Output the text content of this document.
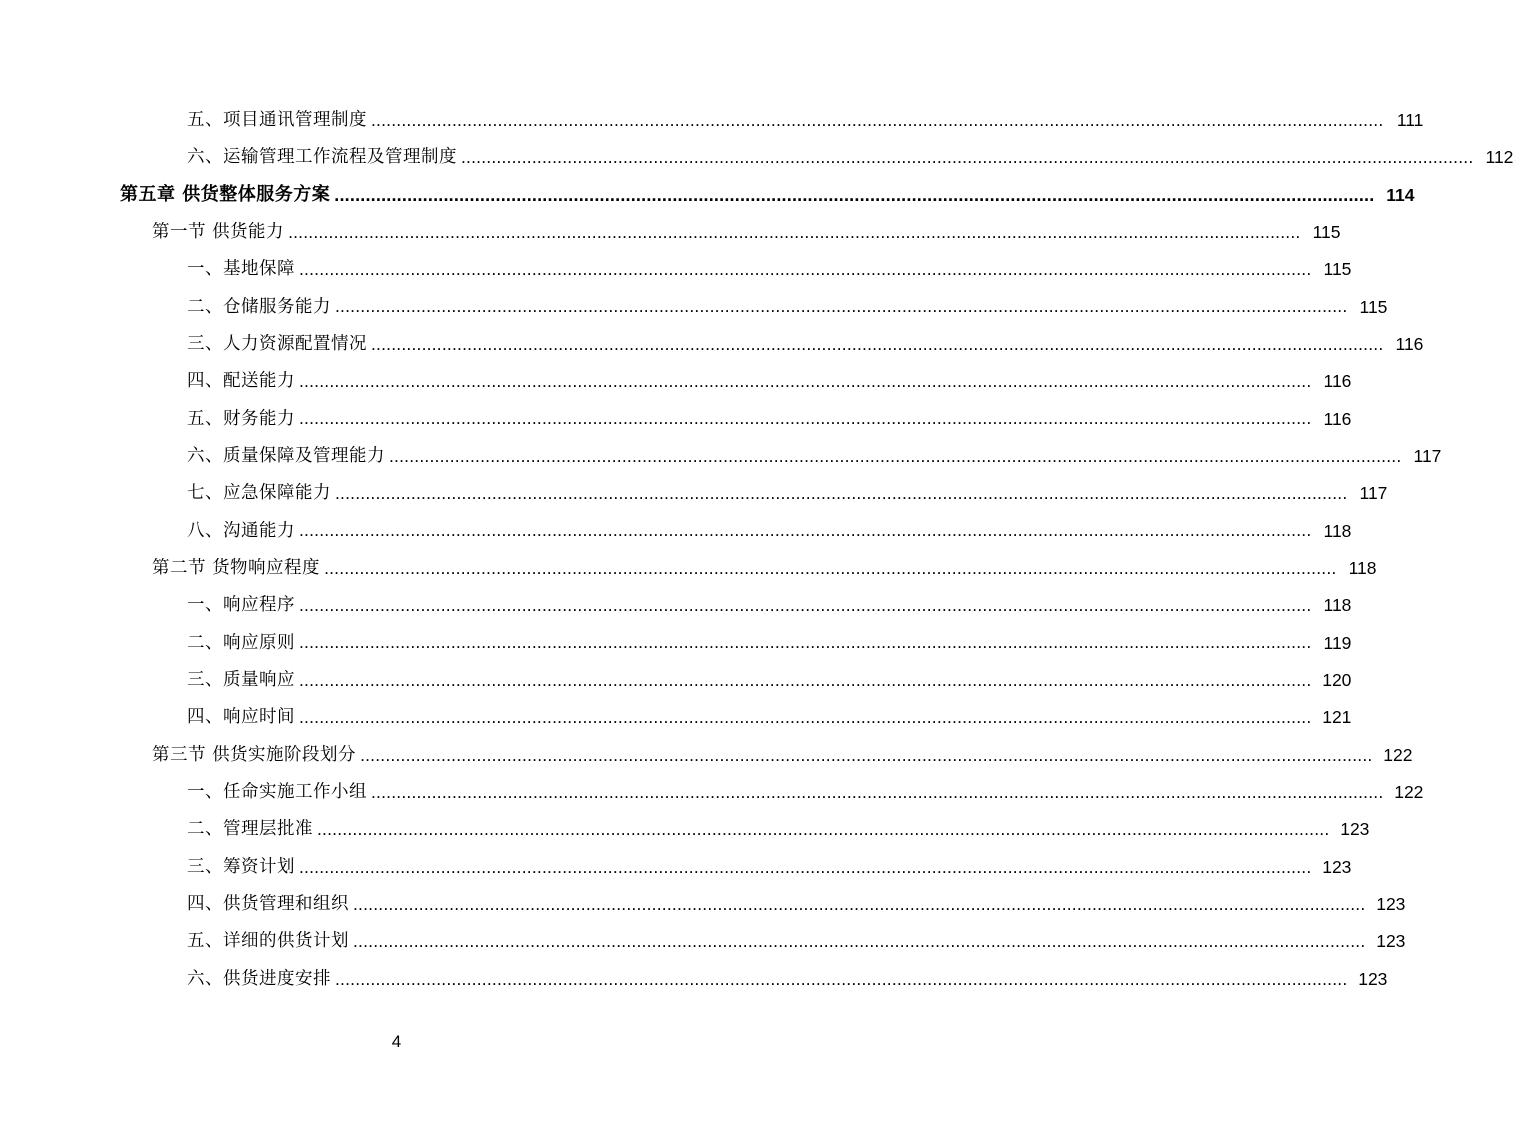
五、项目通讯管理制度 ........................................................................................................................................................................................................ 111
六、运输管理工作流程及管理制度 ........................................................................................................................................................................................................ 112
第五章 供货整体服务方案 ........................................................................................................................................................................................................ 114
第一节 供货能力 ........................................................................................................................................................................................................ 115
一、基地保障 ........................................................................................................................................................................................................ 115
二、仓储服务能力 ........................................................................................................................................................................................................ 115
三、人力资源配置情况 ........................................................................................................................................................................................................ 116
四、配送能力 ........................................................................................................................................................................................................ 116
五、财务能力 ........................................................................................................................................................................................................ 116
六、质量保障及管理能力 ........................................................................................................................................................................................................ 117
七、应急保障能力 ........................................................................................................................................................................................................ 117
八、沟通能力 ........................................................................................................................................................................................................ 118
第二节 货物响应程度 ........................................................................................................................................................................................................ 118
一、响应程序 ........................................................................................................................................................................................................ 118
二、响应原则 ........................................................................................................................................................................................................ 119
三、质量响应 ........................................................................................................................................................................................................ 120
四、响应时间 ........................................................................................................................................................................................................ 121
第三节 供货实施阶段划分 ........................................................................................................................................................................................................ 122
一、任命实施工作小组 ........................................................................................................................................................................................................ 122
二、管理层批准 ........................................................................................................................................................................................................ 123
三、筹资计划 ........................................................................................................................................................................................................ 123
四、供货管理和组织 ........................................................................................................................................................................................................ 123
五、详细的供货计划 ........................................................................................................................................................................................................ 123
六、供货进度安排 ........................................................................................................................................................................................................ 123
4
